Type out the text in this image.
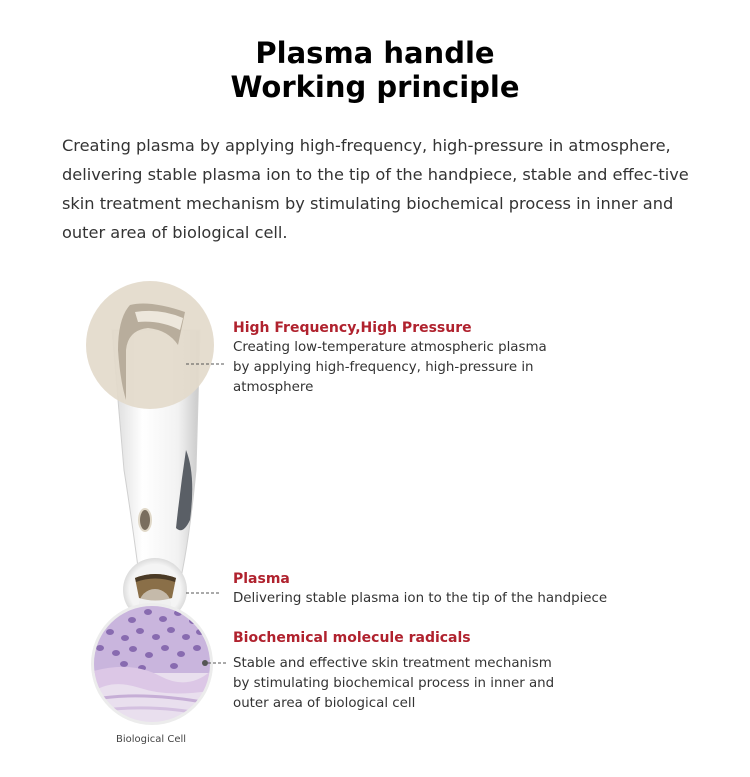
Plasma handle
Working principle

Creating plasma by applying high-frequency, high-pressure in atmosphere, delivering stable plasma ion to the tip of the handpiece, stable and effec-tive skin treatment mechanism by stimulating biochemical process in inner and outer area of biological cell.

High Frequency,High Pressure
Creating low-temperature atmospheric plasma
by applying high-frequency, high-pressure in
atmosphere
Plasma
Delivering stable plasma ion to the tip of the handpiece
Biochemical molecule radicals
Stable and effective skin treatment mechanism
by stimulating biochemical process in inner and
outer area of biological cell
Biological Cell
